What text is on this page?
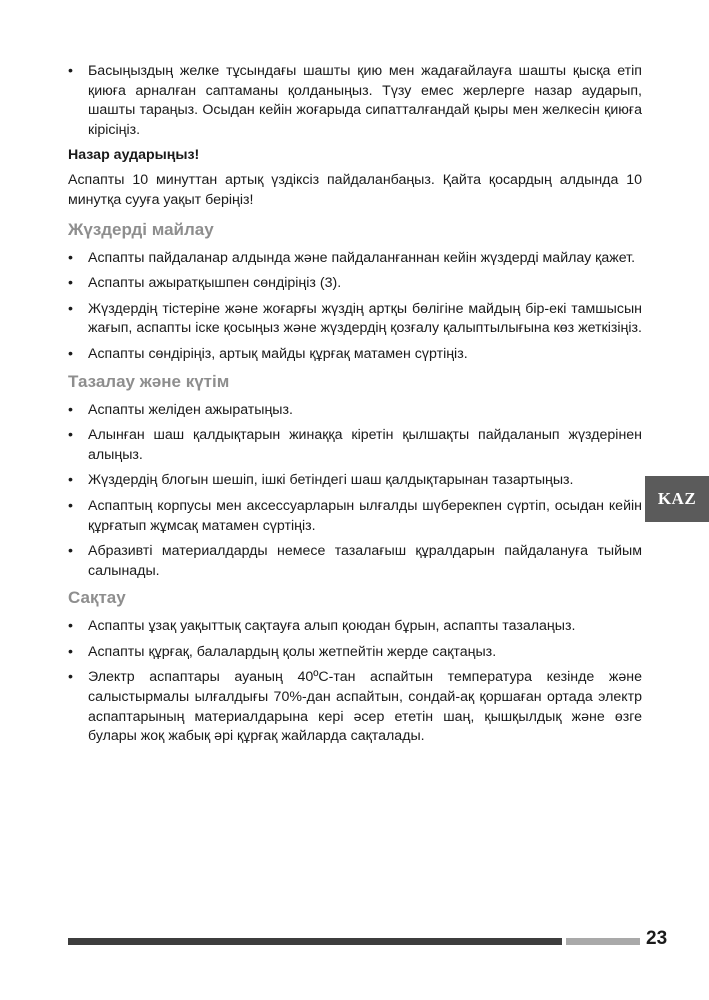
• Басыңыздың желке тұсындағы шашты қию мен жадағайлауға шашты қысқа етіп қиюға арналған саптаманы қолданыңыз. Түзу емес жерлерге назар аударып, шашты тараңыз. Осыдан кейін жоғарыда сипатталғандай қыры мен желкесін қиюға кірісіңіз.
Назар аударыңыз!

Аспапты 10 минуттан артық үздіксіз пайдаланбаңыз. Қайта қосардың алдында 10 минутқа сууға уақыт беріңіз!

Жүздерді майлау
• Аспапты пайдаланар алдында және пайдаланғаннан кейін жүздерді майлау қажет.
• Аспапты ажыратқышпен сөндіріңіз (3).
• Жүздердің тістеріне және жоғарғы жүздің артқы бөлігіне майдың бір-екі тамшысын жағып, аспапты іске қосыңыз және жүздердің қозғалу қалыптылығына көз жеткізіңіз.
• Аспапты сөндіріңіз, артық майды құрғақ матамен сүртіңіз.
Тазалау және күтім
• Аспапты желіден ажыратыңыз.
• Алынған шаш қалдықтарын жинаққа кіретін қылшақты пайдаланып жүздерінен алыңыз.
• Жүздердің блогын шешіп, ішкі бетіндегі шаш қалдықтарынан тазартыңыз.
• Аспаптың корпусы мен аксессуарларын ылғалды шүберекпен сүртіп, осыдан кейін құрғатып жұмсақ матамен сүртіңіз.
• Абразивті материалдарды немесе тазалағыш құралдарын пайдалануға тыйым салынады.
Сақтау
• Аспапты ұзақ уақыттық сақтауға алып қоюдан бұрын, аспапты тазалаңыз.
• Аспапты құрғақ, балалардың қолы жетпейтін жерде сақтаңыз.
• Электр аспаптары ауаның 40ºС-тан аспайтын температура кезінде және салыстырмалы ылғалдығы 70%-дан аспайтын, сондай-ақ қоршаған ортада электр аспаптарының материалдарына кері әсер ететін шаң, қышқылдық және өзге булары жоқ жабық әрі құрғақ жайларда сақталады.
KAZ
23
